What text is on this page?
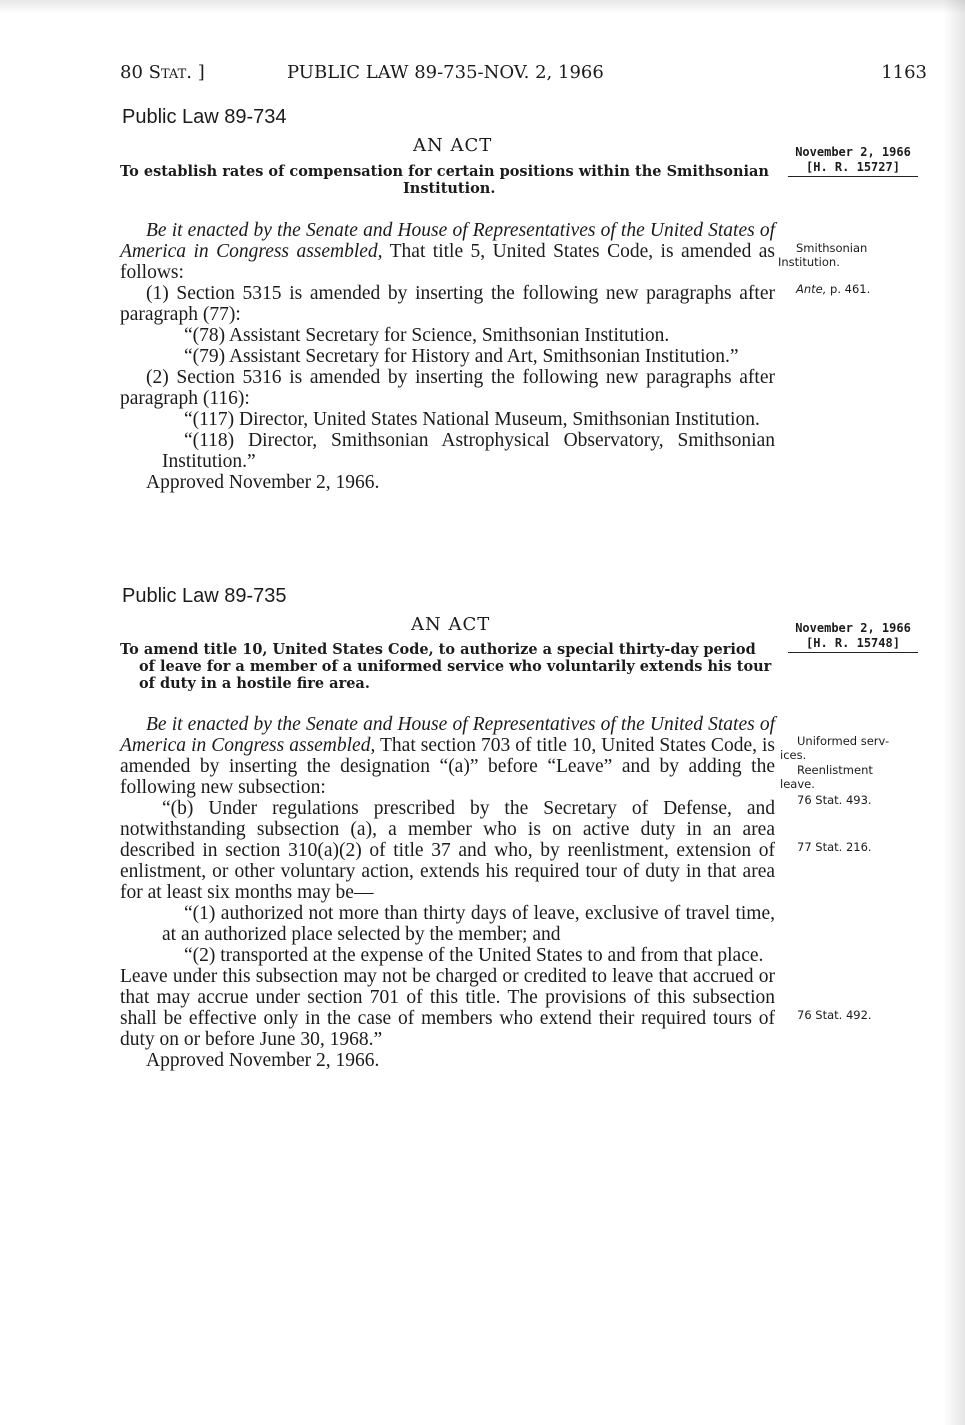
80 Stat. ]	PUBLIC LAW 89-735-NOV. 2, 1966	1163
Public Law 89-734
AN ACT
To establish rates of compensation for certain positions within the Smithsonian
Institution.
November 2, 1966
[H. R. 15727]

Be it enacted by the Senate and House of Representatives of the United States of America in Congress assembled, That title 5, United States Code, is amended as follows:

(1) Section 5315 is amended by inserting the following new paragraphs after paragraph (77):

“(78) Assistant Secretary for Science, Smithsonian Institution.

“(79) Assistant Secretary for History and Art, Smithsonian Institution.”

(2) Section 5316 is amended by inserting the following new paragraphs after paragraph (116):

“(117) Director, United States National Museum, Smithsonian Institution.

“(118) Director, Smithsonian Astrophysical Observatory, Smithsonian Institution.”

Approved November 2, 1966.

Smithsonian
Institution.
Ante, p. 461.
Public Law 89-735
AN ACT
To amend title 10, United States Code, to authorize a special thirty-day period
of leave for a member of a uniformed service who voluntarily extends his tour
of duty in a hostile fire area.
November 2, 1966
[H. R. 15748]

Be it enacted by the Senate and House of Representatives of the United States of America in Congress assembled, That section 703 of title 10, United States Code, is amended by inserting the designation “(a)” before “Leave” and by adding the following new subsection:

“(b) Under regulations prescribed by the Secretary of Defense, and notwithstanding subsection (a), a member who is on active duty in an area described in section 310(a)(2) of title 37 and who, by reenlistment, extension of enlistment, or other voluntary action, extends his required tour of duty in that area for at least six months may be—

“(1) authorized not more than thirty days of leave, exclusive of travel time, at an authorized place selected by the member; and

“(2) transported at the expense of the United States to and from that place.

Leave under this subsection may not be charged or credited to leave that accrued or that may accrue under section 701 of this title. The provisions of this subsection shall be effective only in the case of members who extend their required tours of duty on or before June 30, 1968.”

Approved November 2, 1966.

Uniformed serv-
ices.
Reenlistment
leave.
76 Stat. 493.
77 Stat. 216.
76 Stat. 492.
